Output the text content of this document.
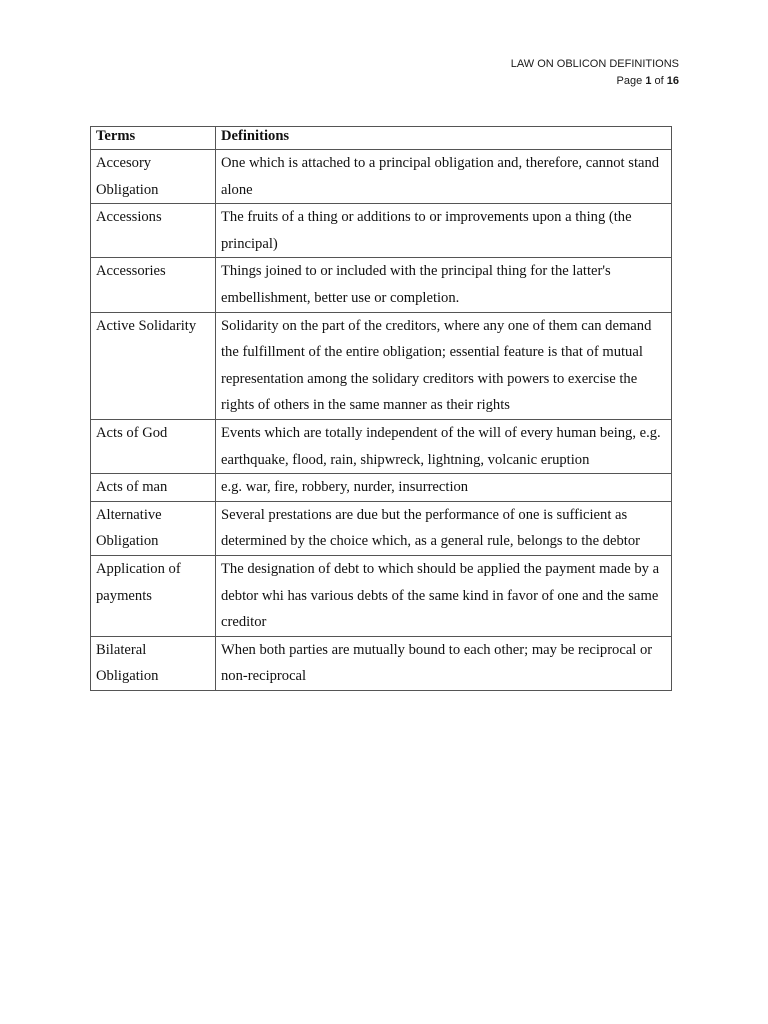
LAW ON OBLICON DEFINITIONS
Page 1 of 16
Terms	Definitions
Accesory Obligation	One which is attached to a principal obligation and, therefore, cannot stand alone
Accessions	The fruits of a thing or additions to or improvements upon a thing (the principal)
Accessories	Things joined to or included with the principal thing for the latter's embellishment, better use or completion.
Active Solidarity	Solidarity on the part of the creditors, where any one of them can demand the fulfillment of the entire obligation; essential feature is that of mutual representation among the solidary creditors with powers to exercise the rights of others in the same manner as their rights
Acts of God	Events which are totally independent of the will of every human being, e.g. earthquake, flood, rain, shipwreck, lightning, volcanic eruption
Acts of man	e.g. war, fire, robbery, nurder, insurrection
Alternative Obligation	Several prestations are due but the performance of one is sufficient as determined by the choice which, as a general rule, belongs to the debtor
Application of payments	The designation of debt to which should be applied the payment made by a debtor whi has various debts of the same kind in favor of one and the same creditor
Bilateral Obligation	When both parties are mutually bound to each other; may be reciprocal or non-reciprocal
